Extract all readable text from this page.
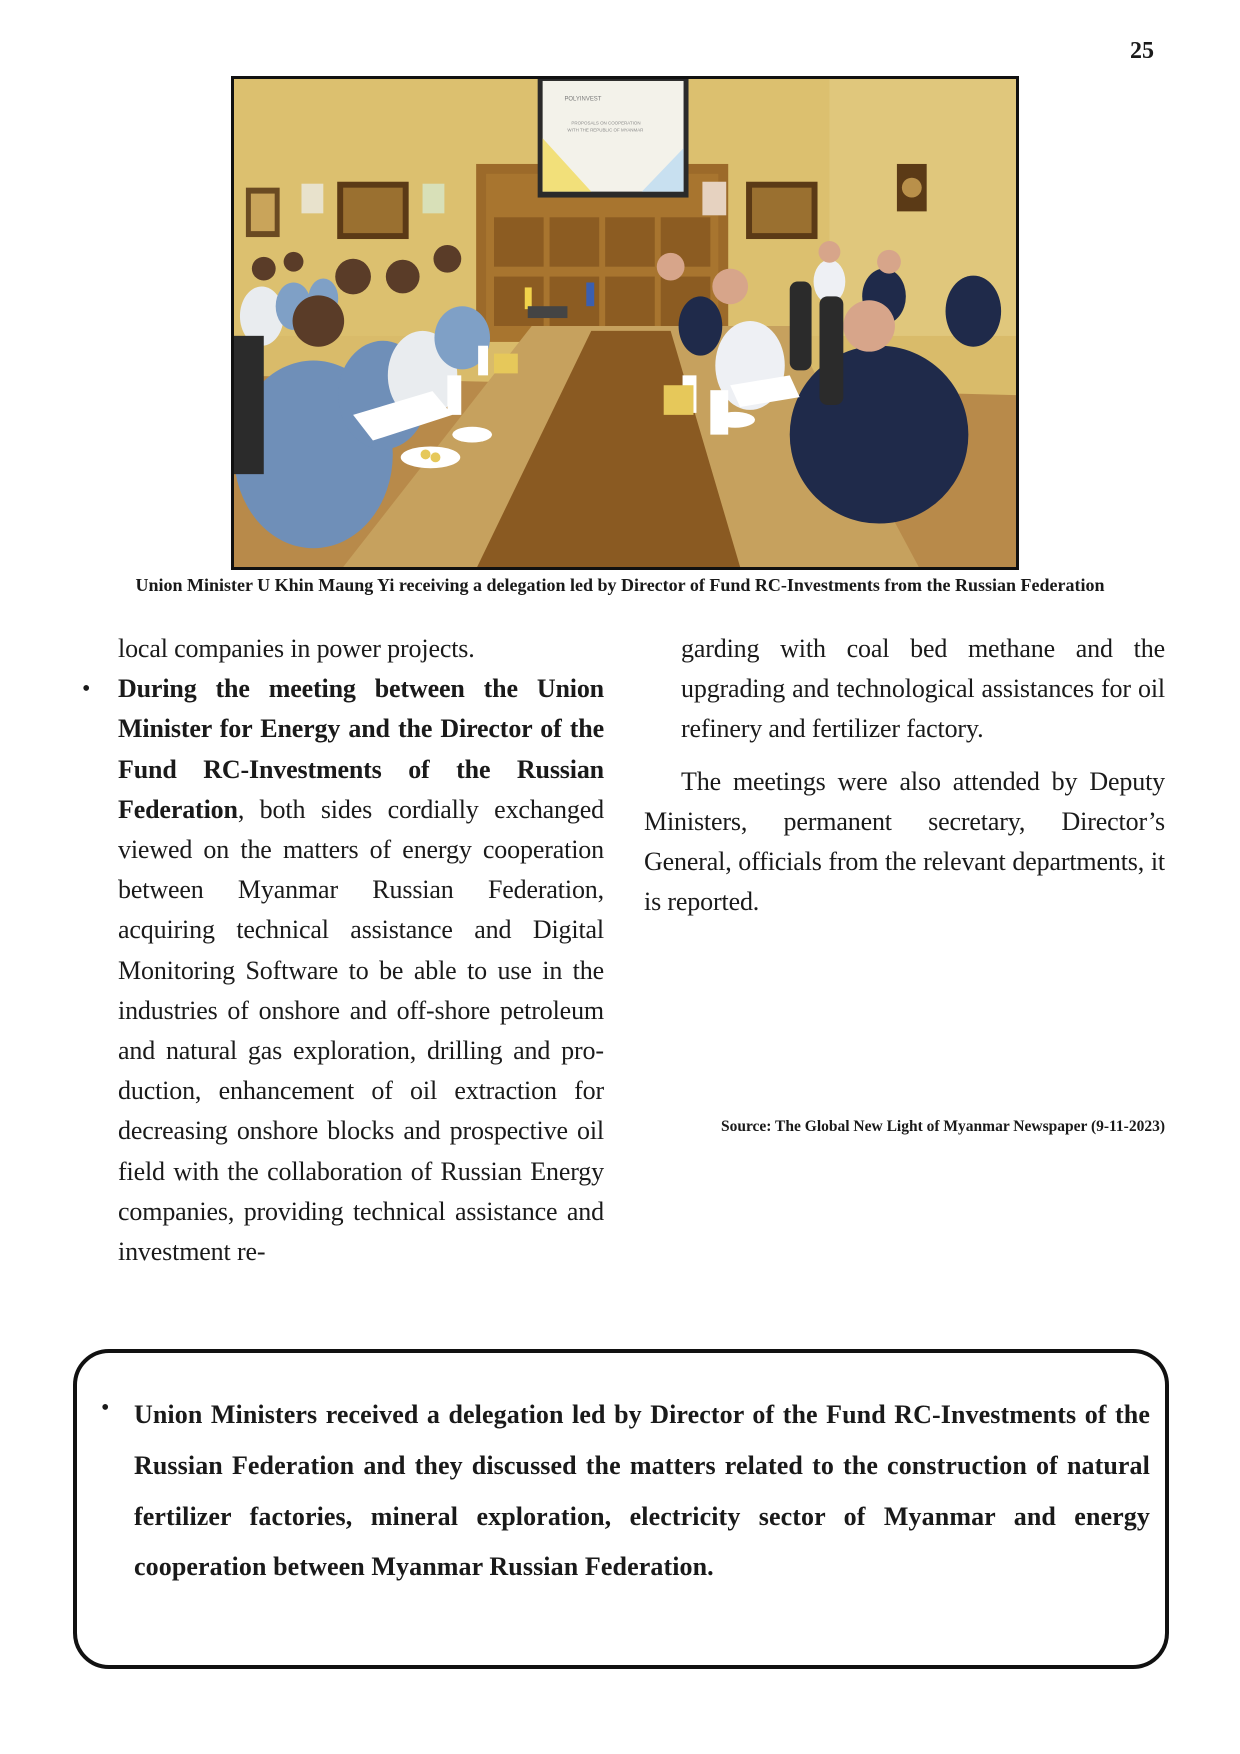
25
POLYINVEST
PROPOSALS ON COOPERATION
WITH THE REPUBLIC OF MYANMAR
Union Minister U Khin Maung Yi receiving a delegation led by Director of Fund RC-Investments from the Russian Federation

local companies in power projects.

• During the meeting between the Union Minister for Energy and the Director of the Fund RC-Investments of the Russian Federation, both sides cordially exchanged viewed on the matters of energy cooperation between Myanmar Russian Federation, acquiring technical assistance and Digital Monitoring Software to be able to use in the industries of onshore and off-shore petroleum and natural gas exploration, drilling and production, enhancement of oil extraction for decreasing onshore blocks and prospective oil field with the collaboration of Russian Energy companies, providing technical assistance and investment re-

garding with coal bed methane and the upgrading and technological assistances for oil refinery and fertilizer factory.

The meetings were also attended by Deputy Ministers, permanent secretary, Director’s General, officials from the relevant departments, it is reported.

Source: The Global New Light of Myanmar Newspaper (9-11-2023)
• Union Ministers received a delegation led by Director of the Fund RC-Investments of the Russian Federation and they discussed the matters related to the construction of natural fertilizer factories, mineral exploration, electricity sector of Myanmar and energy cooperation between Myanmar Russian Federation.
